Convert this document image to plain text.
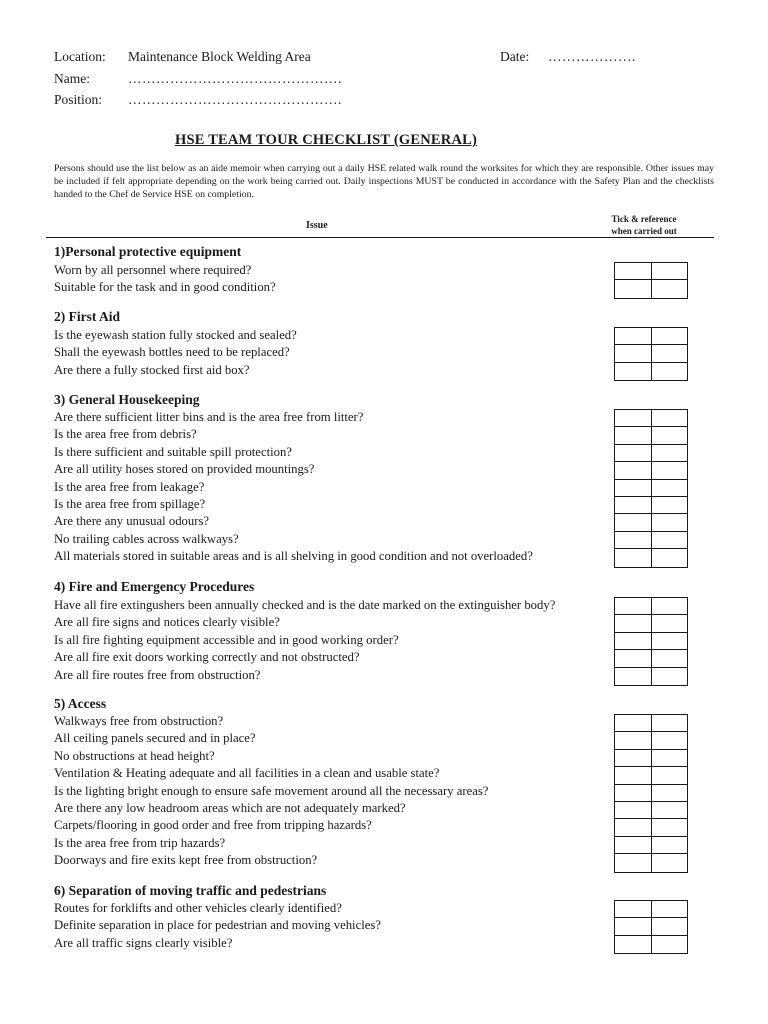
Location: Maintenance Block Welding Area	Date: ……………….
Name:	……………………………………….
Position: ……………………………………….
HSE TEAM TOUR CHECKLIST (GENERAL)
Persons should use the list below as an aide memoir when carrying out a daily HSE related walk round the worksites for which they are responsible. Other issues may be included if felt appropriate depending on the work being carried out. Daily inspections MUST be conducted in accordance with the Safety Plan and the checklists handed to the Chef de Service HSE on completion.
Issue
Tick & reference
when carried out
1)Personal protective equipment
Worn by all personnel where required?
Suitable for the task and in good condition?
2) First Aid
Is the eyewash station fully stocked and sealed?
Shall the eyewash bottles need to be replaced?
Are there a fully stocked first aid box?
3) General Housekeeping
Are there sufficient litter bins and is the area free from litter?
Is the area free from debris?
Is there sufficient and suitable spill protection?
Are all utility hoses stored on provided mountings?
Is the area free from leakage?
Is the area free from spillage?
Are there any unusual odours?
No trailing cables across walkways?
All materials stored in suitable areas and is all shelving in good condition and not overloaded?
4) Fire and Emergency Procedures
Have all fire extingushers been annually checked and is the date marked on the extinguisher body?
Are all fire signs and notices clearly visible?
Is all fire fighting equipment accessible and in good working order?
Are all fire exit doors working correctly and not obstructed?
Are all fire routes free from obstruction?
5) Access
Walkways free from obstruction?
All ceiling panels secured and in place?
No obstructions at head height?
Ventilation & Heating adequate and all facilities in a clean and usable state?
Is the lighting bright enough to ensure safe movement around all the necessary areas?
Are there any low headroom areas which are not adequately marked?
Carpets/flooring in good order and free from tripping hazards?
Is the area free from trip hazards?
Doorways and fire exits kept free from obstruction?
6) Separation of moving traffic and pedestrians
Routes for forklifts and other vehicles clearly identified?
Definite separation in place for pedestrian and moving vehicles?
Are all traffic signs clearly visible?
